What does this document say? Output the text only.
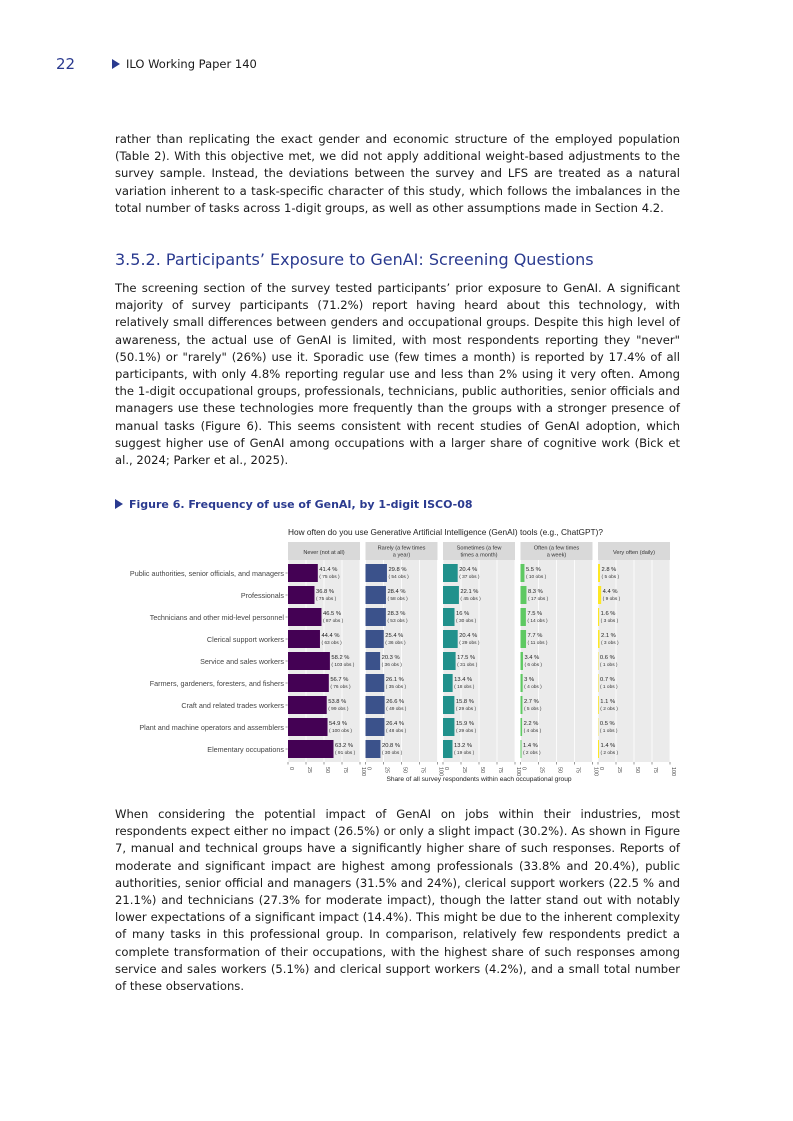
22	ILO Working Paper 140

rather than replicating the exact gender and economic structure of the employed population (Table 2). With this objective met, we did not apply additional weight-based adjustments to the survey sample. Instead, the deviations between the survey and LFS are treated as a natural variation inherent to a task-specific character of this study, which follows the imbalances in the total number of tasks across 1-digit groups, as well as other assumptions made in Section 4.2.

3.5.2. Participants’ Exposure to GenAI: Screening Questions

The screening section of the survey tested participants’ prior exposure to GenAI. A significant majority of survey participants (71.2%) report having heard about this technology, with relatively small differences between genders and occupational groups. Despite this high level of awareness, the actual use of GenAI is limited, with most respondents reporting they "never" (50.1%) or "rarely" (26%) use it. Sporadic use (few times a month) is reported by 17.4% of all participants, with only 4.8% reporting regular use and less than 2% using it very often. Among the 1-digit occupational groups, professionals, technicians, public authorities, senior officials and managers use these technologies more frequently than the groups with a stronger presence of manual tasks (Figure 6). This seems consistent with recent studies of GenAI adoption, which suggest higher use of GenAI among occupations with a larger share of cognitive work (Bick et al., 2024; Parker et al., 2025).

Figure 6. Frequency of use of GenAI, by 1-digit ISCO-08
How often do you use Generative Artificial Intelligence (GenAI) tools (e.g., ChatGPT)?
Public authorities, senior officials, and managers
Professionals
Technicians and other mid-level personnel
Clerical support workers
Service and sales workers
Farmers, gardeners, foresters, and fishers
Craft and related trades workers
Plant and machine operators and assemblers
Elementary occupations
Never (not at all)
0 25 50 75 100
41.4 %
( 75 obs )
36.8 %
( 75 obs )
46.5 %
( 87 obs )
44.4 %
( 63 obs )
58.2 %
( 103 obs )
56.7 %
( 76 obs )
53.8 %
( 99 obs )
54.9 %
( 100 obs )
63.2 %
( 91 obs )
Rarely (a few times
a year)
0 25 50 75 100
29.8 %
( 54 obs )
28.4 %
( 58 obs )
28.3 %
( 53 obs )
25.4 %
( 36 obs )
20.3 %
( 36 obs )
26.1 %
( 35 obs )
26.6 %
( 49 obs )
26.4 %
( 48 obs )
20.8 %
( 30 obs )
Sometimes (a few
times a month)
0 25 50 75 100
20.4 %
( 37 obs )
22.1 %
( 45 obs )
16 %
( 30 obs )
20.4 %
( 29 obs )
17.5 %
( 31 obs )
13.4 %
( 18 obs )
15.8 %
( 29 obs )
15.9 %
( 29 obs )
13.2 %
( 19 obs )
Often (a few times
a week)
0 25 50 75 100
5.5 %
( 10 obs )
8.3 %
( 17 obs )
7.5 %
( 14 obs )
7.7 %
( 11 obs )
3.4 %
( 6 obs )
3 %
( 4 obs )
2.7 %
( 5 obs )
2.2 %
( 4 obs )
1.4 %
( 2 obs )
Very often (daily)
0 25 50 75 100
2.8 %
( 5 obs )
4.4 %
( 9 obs )
1.6 %
( 3 obs )
2.1 %
( 3 obs )
0.6 %
( 1 obs )
0.7 %
( 1 obs )
1.1 %
( 2 obs )
0.5 %
( 1 obs )
1.4 %
( 2 obs )
Share of all survey respondents within each occupational group

When considering the potential impact of GenAI on jobs within their industries, most respondents expect either no impact (26.5%) or only a slight impact (30.2%). As shown in Figure 7, manual and technical groups have a significantly higher share of such responses. Reports of moderate and significant impact are highest among professionals (33.8% and 20.4%), public authorities, senior official and managers (31.5% and 24%), clerical support workers (22.5 % and 21.1%) and technicians (27.3% for moderate impact), though the latter stand out with notably lower expectations of a significant impact (14.4%). This might be due to the inherent complexity of many tasks in this professional group. In comparison, relatively few respondents predict a complete transformation of their occupations, with the highest share of such responses among service and sales workers (5.1%) and clerical support workers (4.2%), and a small total number of these observations.
